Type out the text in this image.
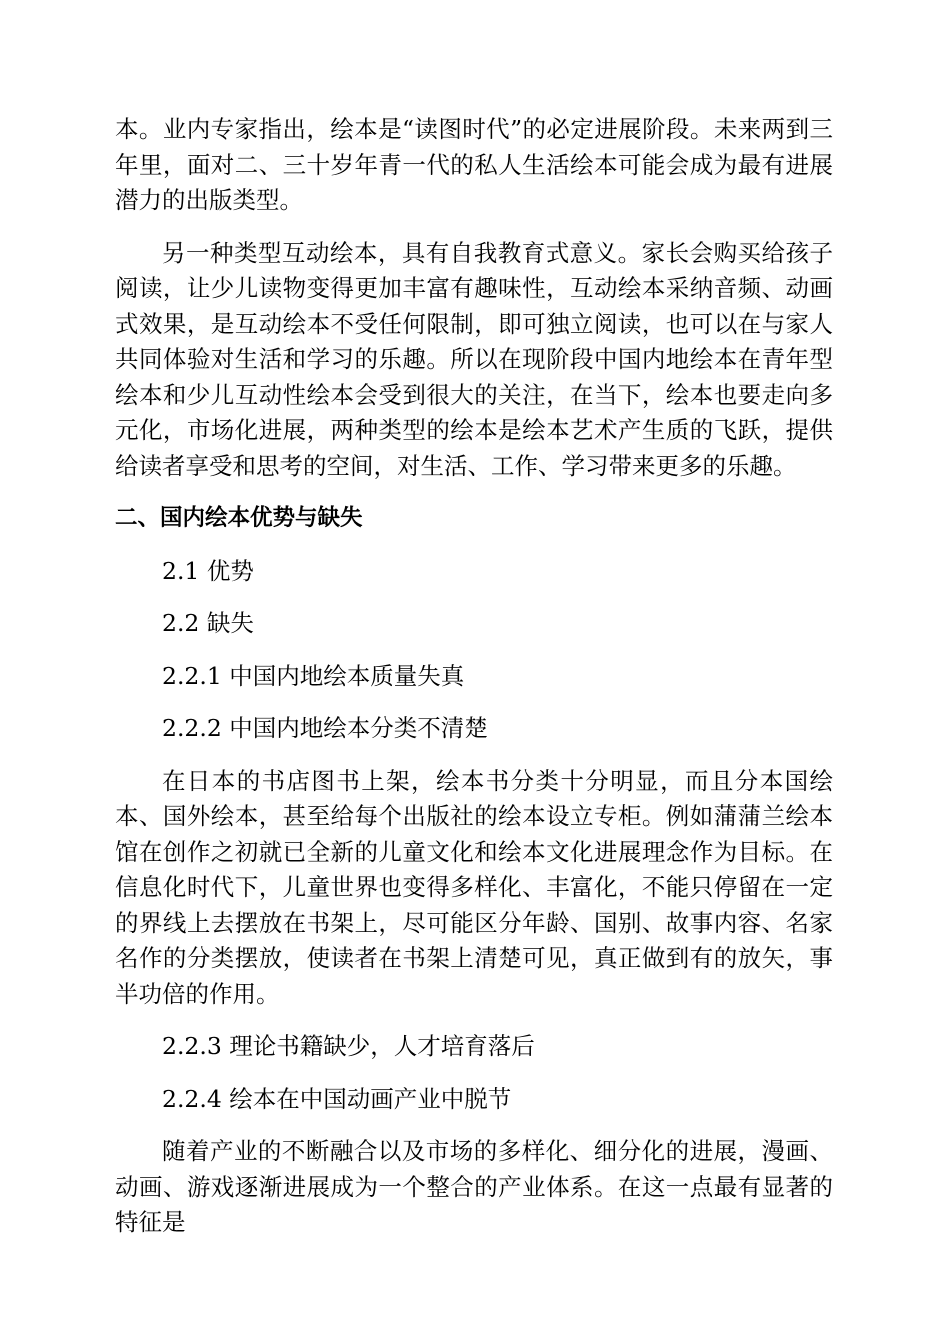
本。业内专家指出，绘本是“读图时代”的必定进展阶段。未来两到三年里，面对二、三十岁年青一代的私人生活绘本可能会成为最有进展潜力的出版类型。

另一种类型互动绘本，具有自我教育式意义。家长会购买给孩子阅读，让少儿读物变得更加丰富有趣味性，互动绘本采纳音频、动画式效果，是互动绘本不受任何限制，即可独立阅读，也可以在与家人共同体验对生活和学习的乐趣。所以在现阶段中国内地绘本在青年型绘本和少儿互动性绘本会受到很大的关注，在当下，绘本也要走向多元化，市场化进展，两种类型的绘本是绘本艺术产生质的飞跃，提供给读者享受和思考的空间，对生活、工作、学习带来更多的乐趣。

二、国内绘本优势与缺失
2.1 优势
2.2 缺失
2.2.1 中国内地绘本质量失真
2.2.2 中国内地绘本分类不清楚

在日本的书店图书上架，绘本书分类十分明显，而且分本国绘本、国外绘本，甚至给每个出版社的绘本设立专柜。例如蒲蒲兰绘本馆在创作之初就已全新的儿童文化和绘本文化进展理念作为目标。在信息化时代下，儿童世界也变得多样化、丰富化，不能只停留在一定的界线上去摆放在书架上，尽可能区分年龄、国别、故事内容、名家名作的分类摆放，使读者在书架上清楚可见，真正做到有的放矢，事半功倍的作用。

2.2.3 理论书籍缺少，人才培育落后
2.2.4 绘本在中国动画产业中脱节

随着产业的不断融合以及市场的多样化、细分化的进展，漫画、动画、游戏逐渐进展成为一个整合的产业体系。在这一点最有显著的特征是
